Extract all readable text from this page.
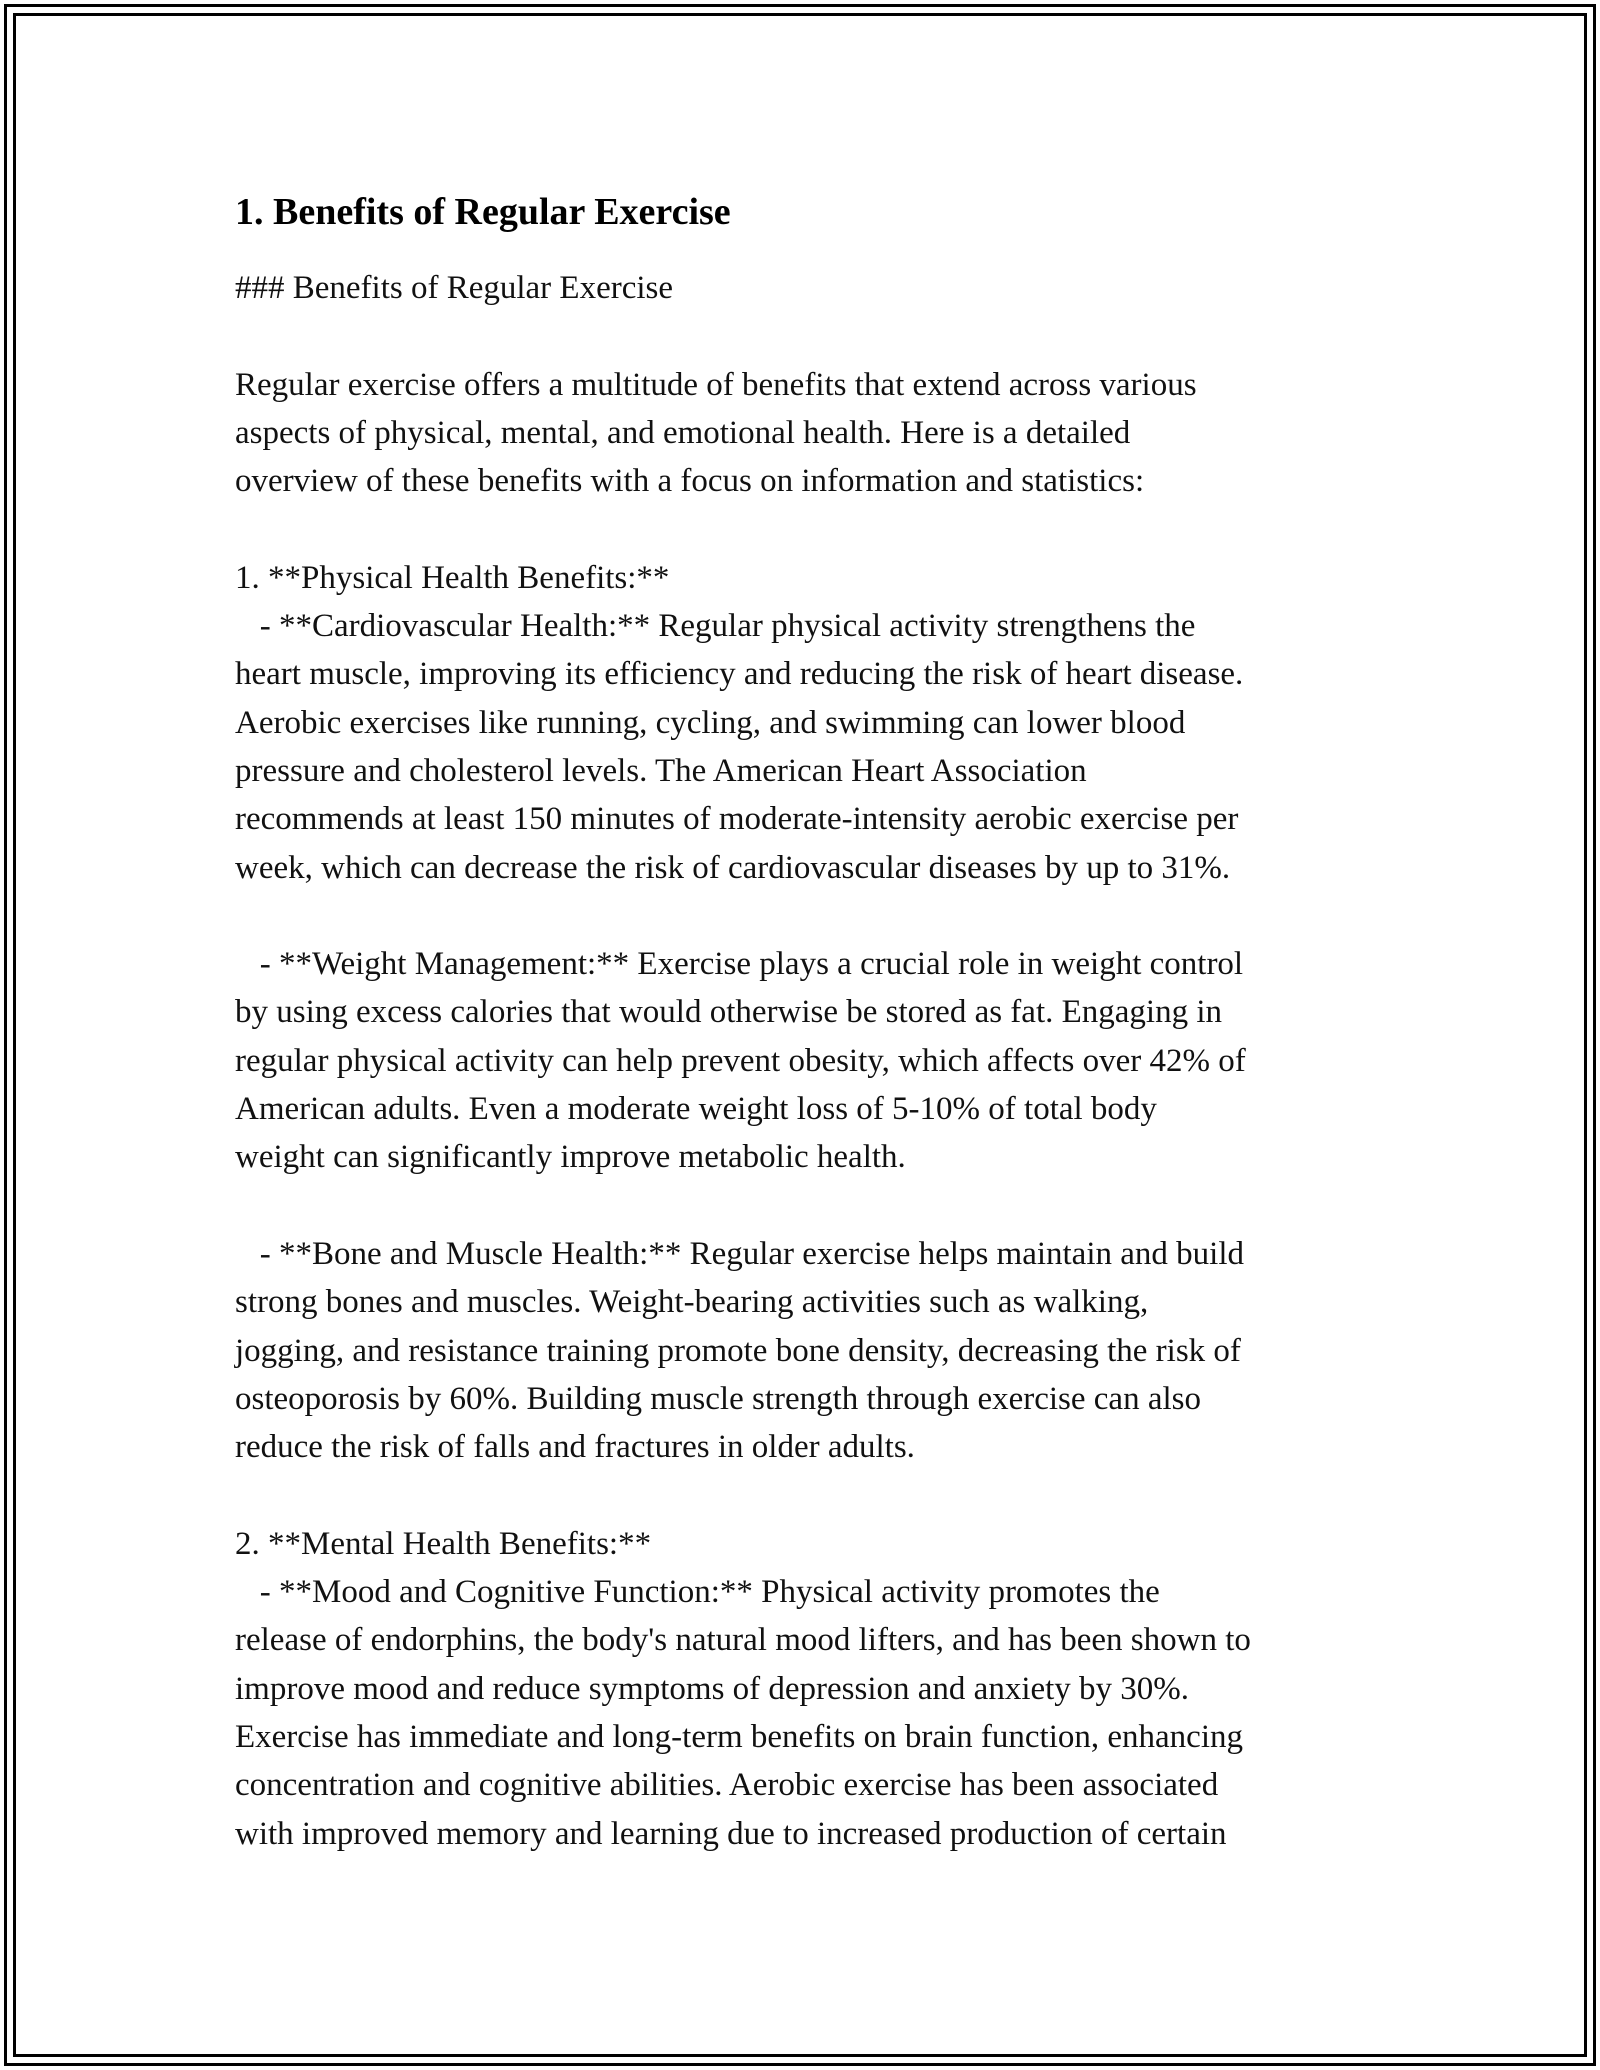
1. Benefits of Regular Exercise
### Benefits of Regular Exercise

Regular exercise offers a multitude of benefits that extend across various
aspects of physical, mental, and emotional health. Here is a detailed
overview of these benefits with a focus on information and statistics:

1. **Physical Health Benefits:**
- **Cardiovascular Health:** Regular physical activity strengthens the
heart muscle, improving its efficiency and reducing the risk of heart disease.
Aerobic exercises like running, cycling, and swimming can lower blood
pressure and cholesterol levels. The American Heart Association
recommends at least 150 minutes of moderate-intensity aerobic exercise per
week, which can decrease the risk of cardiovascular diseases by up to 31%.

- **Weight Management:** Exercise plays a crucial role in weight control
by using excess calories that would otherwise be stored as fat. Engaging in
regular physical activity can help prevent obesity, which affects over 42% of
American adults. Even a moderate weight loss of 5-10% of total body
weight can significantly improve metabolic health.

- **Bone and Muscle Health:** Regular exercise helps maintain and build
strong bones and muscles. Weight-bearing activities such as walking,
jogging, and resistance training promote bone density, decreasing the risk of
osteoporosis by 60%. Building muscle strength through exercise can also
reduce the risk of falls and fractures in older adults.

2. **Mental Health Benefits:**
- **Mood and Cognitive Function:** Physical activity promotes the
release of endorphins, the body's natural mood lifters, and has been shown to
improve mood and reduce symptoms of depression and anxiety by 30%.
Exercise has immediate and long-term benefits on brain function, enhancing
concentration and cognitive abilities. Aerobic exercise has been associated
with improved memory and learning due to increased production of certain
